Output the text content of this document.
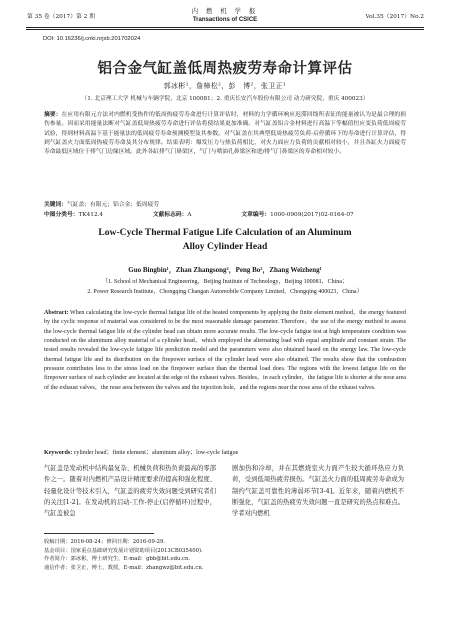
第 35 卷（2017）第 2 期
内 燃 机 学 报
Transactions of CSICE	Vol.35（2017）No.2
DOI: 10.16236/j.cnki.nrjxb.201702024
铝合金气缸盖低周热疲劳寿命计算评估
郭冰彬¹，詹樟松²，彭　博²，张卫正¹
（1. 北京理工大学 机械与车辆学院，北京 100081；2. 重庆长安汽车股份有限公司 动力研究院，重庆 400023）
摘要：在应用有限元方法对内燃机受热件的低周热疲劳寿命进行计算评估时，材料的力学循环响应迟滞回线所表征的能量被认为是最合理的损伤参量。因而采用能量法断对气缸盖低周热疲劳寿命进行评估将使结果更加准确。对气缸盖铝合金材料进行高温下等幅值恒应变负荷低周疲劳试验，得到材料高温下基于能量法的低周疲劳寿命预测模型及其参数。对气缸盖在其典型低周热疲劳负荷-启停循环下的寿命进行计算评估，得到气缸盖火力面低周热疲劳寿命及其分布规律。结果表明：爆发压力与热负荷相比，对火力面应力负荷的贡献相对较小，并且各缸火力面疲劳寿命最低区域位于排气门边缘区域。此外各缸排气门鼻梁区，气门与喷油孔鼻梁区和进/排气门鼻梁区的寿命相对较小。
关键词：气缸盖；有限元；铝合金；低周疲劳
中图分类号：TK412.4	文献标志码：A	文章编号：1000-0909(2017)02-0164-07
Low-Cycle Thermal Fatigue Life Calculation of an Aluminum
Alloy Cylinder Head
Guo Bingbin¹，Zhan Zhangsong²，Peng Bo²，Zhang Weizheng¹
（1. School of Mechanical Engineering，Beijing Institute of Technology，Beijing 100081，China；
2. Power Research Institute，Chongqing Changan Automobile Company Limited，Chongqing 400023，China）
Abstract: When calculating the low-cycle thermal fatigue life of the heated components by applying the finite element method，the energy featured by the cyclic response of material was considered to be the most reasonable damage parameter. Therefore，the use of the energy method to assess the low-cycle thermal fatigue life of the cylinder head can obtain more accurate results. The low-cycle fatigue test at high temperature condition was conducted on the aluminum alloy material of a cylinder head，which employed the alternating load with equal amplitude and constant strain. The tested results revealed the low-cycle fatigue life prediction model and the parameters were also obtained based on the energy law. The low-cycle thermal fatigue life and its distribution on the firepower surface of the cylinder head were also obtained. The results show that the combustion pressure contributes less to the stress load on the firepower surface than the thermal load does. The regions with the lowest fatigue life on the firepower surface of each cylinder are located at the edge of the exhaust valves. Besides，in each cylinder，the fatigue life is shorter at the nose area of the exhaust valves，the nose area between the valves and the injection hole，and the regions near the nose area of the exhaust valves.
Keywords: cylinder head；finite element；aluminum alloy；low-cycle fatigue
气缸盖是发动机中结构最复杂、机械负荷和热负荷最高的零部件之一。随着对内燃机产品设计精度要求的提高和强化程度、轻量化设计等技术引入，气缸盖的疲劳失效问题受到研究者们的关注[1-2]。在发动机的启动-工作-停止(启停循环)过程中，气缸盖被急
剧加热和冷却，并在其燃烧室火力面产生较大循环热应力负荷，受到低周热疲劳损伤。气缸盖火力面的低周疲劳寿命成为制约气缸盖可靠性的薄弱环节[3-4]。近年来，随着内燃机不断强化，气缸盖的热疲劳失效问题一直是研究的热点和难点。学者对内燃机
收稿日期：2016-08-24；修回日期：2016-09-29.
基金项目：国家重点基础研究发展计划资助项目(2013CB035400).
作者简介：郭冰彬，博士研究生，E-mail：gbb@bit.edu.cn.
通信作者：张卫正，博士，教授，E-mail：zhangwz@bit.edu.cn.
